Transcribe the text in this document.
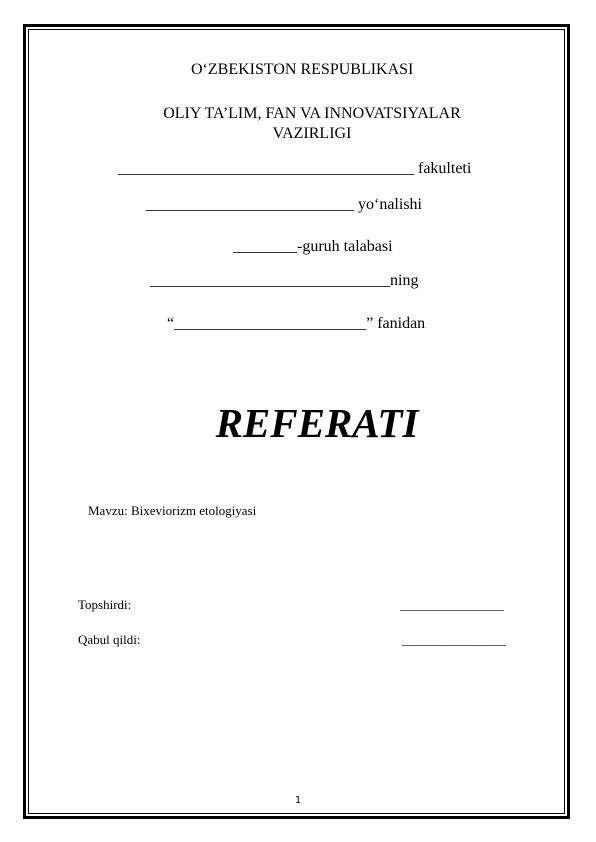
O‘ZBEKISTON RESPUBLIKASI
OLIY TA’LIM, FAN VA INNOVATSIYALAR
VAZIRLIGI
_____________________________________ fakulteti
__________________________ yo‘nalishi
________-guruh talabasi
______________________________ning
“________________________” fanidan
REFERATI
Mavzu: Bixeviorizm etologiyasi
Topshirdi:	________________
Qabul qildi:	________________
1
